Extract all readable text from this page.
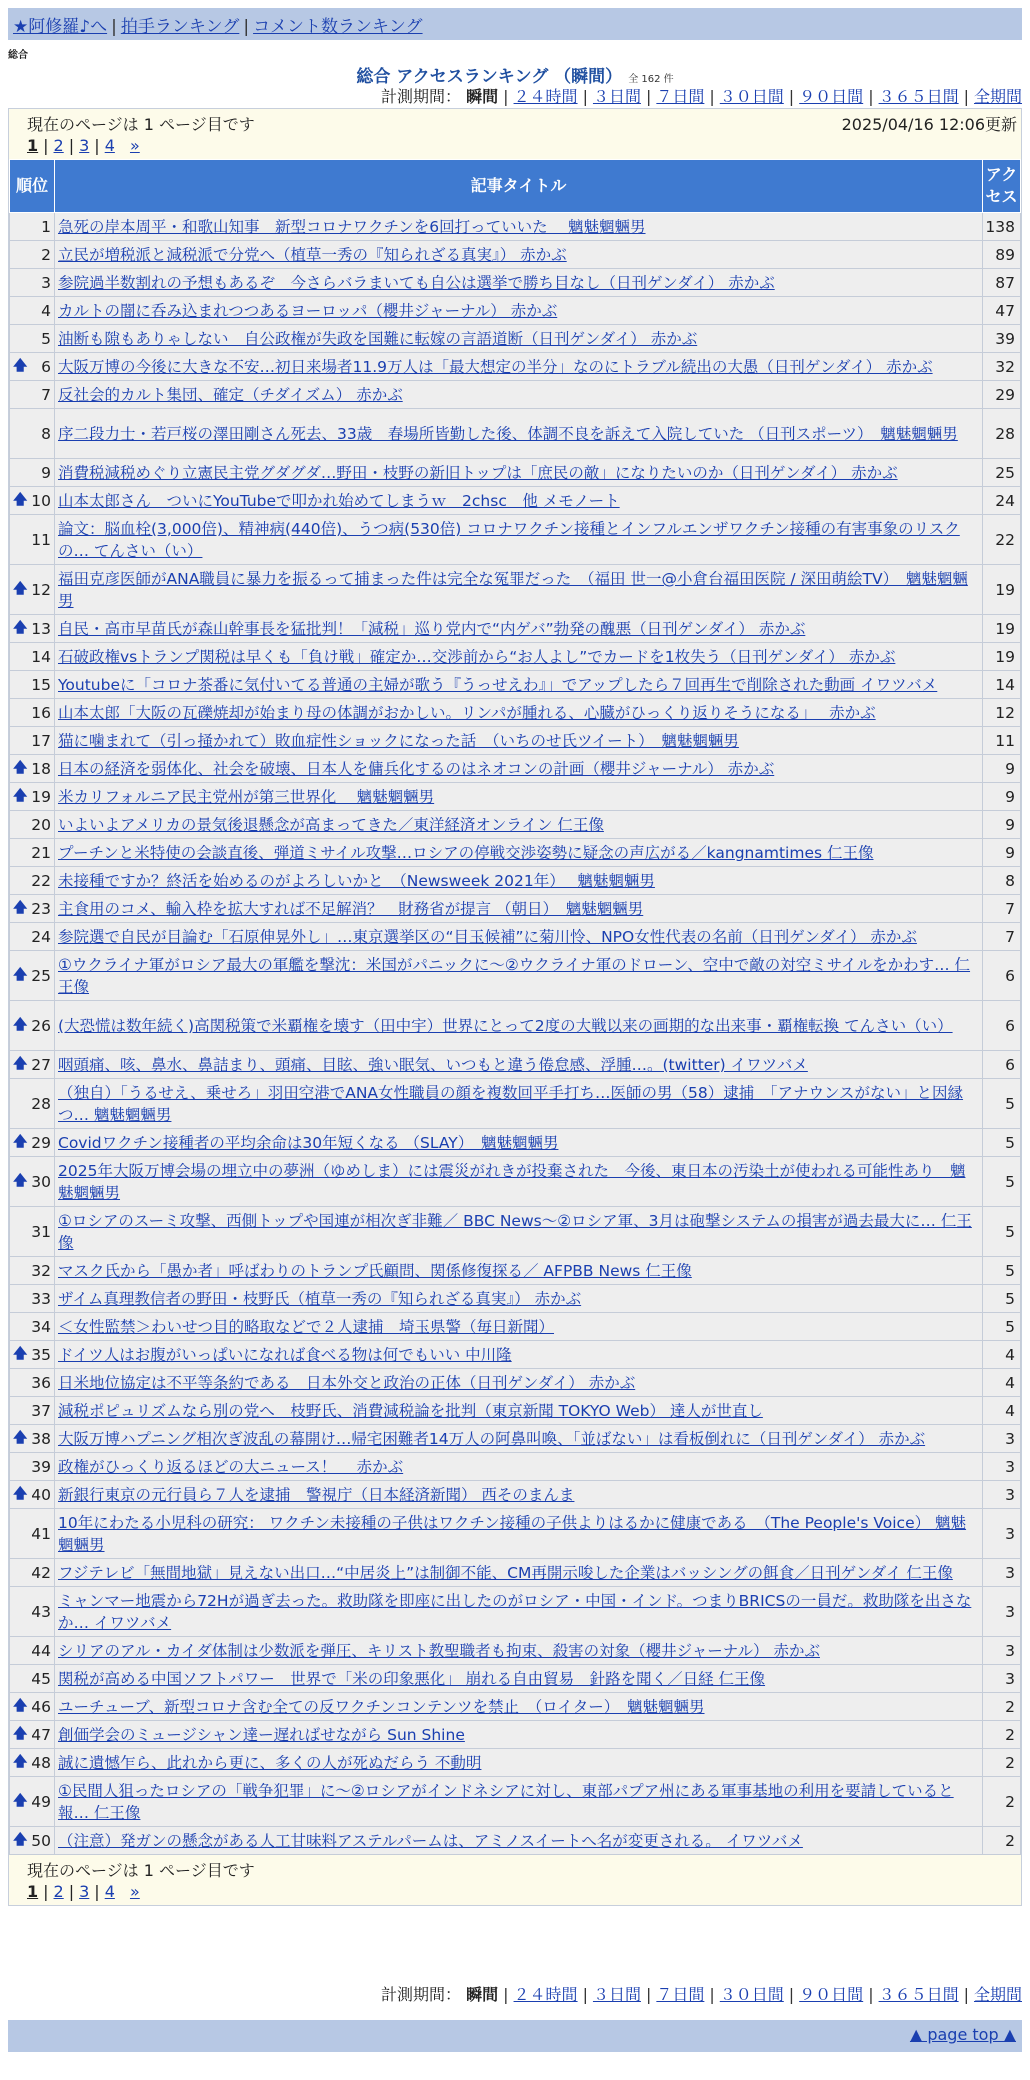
★阿修羅♪へ | 拍手ランキング | コメント数ランキング
総合
総合 アクセスランキング （瞬間） 全 162 件
計測期間： 瞬間 | ２４時間 | ３日間 | ７日間 | ３０日間 | ９０日間 | ３６５日間 | 全期間
現在のページは 1 ページ目です	2025/04/16 12:06更新
1 | 2 | 3 | 4 »
順位	記事タイトル	アクセス
1	急死の岸本周平・和歌山知事　新型コロナワクチンを6回打っていいた　 魑魅魍魎男	138
2	立民が増税派と減税派で分党へ（植草一秀の『知られざる真実』） 赤かぶ	89
3	参院過半数割れの予想もあるぞ　今さらバラまいても自公は選挙で勝ち目なし（日刊ゲンダイ） 赤かぶ	87
4	カルトの闇に呑み込まれつつあるヨーロッパ（櫻井ジャーナル） 赤かぶ	47
5	油断も隙もありゃしない　自公政権が失政を国難に転嫁の言語道断（日刊ゲンダイ） 赤かぶ	39

🡅 6	大阪万博の今後に大きな不安…初日来場者11.9万人は「最大想定の半分」なのにトラブル続出の大愚（日刊ゲンダイ） 赤かぶ	32
7	反社会的カルト集団、確定（チダイズム） 赤かぶ	29
8	序二段力士・若戸桜の澤田剛さん死去、33歳　春場所皆勤した後、体調不良を訴えて入院していた （日刊スポーツ）　魑魅魍魎男	28
9	消費税減税めぐり立憲民主党グダグダ…野田・枝野の新旧トップは「庶民の敵」になりたいのか（日刊ゲンダイ） 赤かぶ	25

🡅 10	山本太郎さん　ついにYouTubeで叩かれ始めてしまうｗ　2chsc　他 メモノート	24
11	論文：脳血栓(3,000倍)、精神病(440倍)、うつ病(530倍) コロナワクチン接種とインフルエンザワクチン接種の有害事象のリスクの… てんさい（い）	22

🡅 12	福田克彦医師がANA職員に暴力を振るって捕まった件は完全な冤罪だった　（福田 世一@小倉台福田医院 / 深田萌絵TV）　魑魅魍魎男	19

🡅 13	自民・高市早苗氏が森山幹事長を猛批判！「減税」巡り党内で“内ゲバ”勃発の醜悪（日刊ゲンダイ） 赤かぶ	19
14	石破政権vsトランプ関税は早くも「負け戦」確定か…交渉前から“お人よし”でカードを1枚失う（日刊ゲンダイ） 赤かぶ	19
15	Youtubeに「コロナ茶番に気付いてる普通の主婦が歌う『うっせえわ』」でアップしたら７回再生で削除された動画 イワツバメ	14
16	山本太郎「大阪の瓦礫焼却が始まり母の体調がおかしい。リンパが腫れる、心臓がひっくり返りそうになる」　 赤かぶ	12
17	猫に噛まれて（引っ掻かれて）敗血症性ショックになった話　（いちのせ氏ツイート）　魑魅魍魎男	11

🡅 18	日本の経済を弱体化、社会を破壊、日本人を傭兵化するのはネオコンの計画（櫻井ジャーナル） 赤かぶ	9

🡅 19	米カリフォルニア民主党州が第三世界化　 魑魅魍魎男	9
20	いよいよアメリカの景気後退懸念が高まってきた／東洋経済オンライン 仁王像	9
21	プーチンと米特使の会談直後、弾道ミサイル攻撃…ロシアの停戦交渉姿勢に疑念の声広がる／kangnamtimes 仁王像	9
22	未接種ですか？終活を始めるのがよろしいかと　（Newsweek 2021年）　 魑魅魍魎男	8

🡅 23	主食用のコメ、輸入枠を拡大すれば不足解消？　財務省が提言 （朝日）　魑魅魍魎男	7
24	参院選で自民が目論む「石原伸晃外し」…東京選挙区の“目玉候補”に菊川怜、NPO女性代表の名前（日刊ゲンダイ） 赤かぶ	7

🡅 25	①ウクライナ軍がロシア最大の軍艦を撃沈：米国がパニックに〜②ウクライナ軍のドローン、空中で敵の対空ミサイルをかわす… 仁王像	6

🡅 26	(大恐慌は数年続く)高関税策で米覇権を壊す（田中宇）世界にとって2度の大戦以来の画期的な出来事・覇権転換 てんさい（い）	6

🡅 27	咽頭痛、咳、鼻水、鼻詰まり、頭痛、目眩、強い眠気、いつもと違う倦怠感、浮腫…。(twitter) イワツバメ	6
28	（独自）「うるせえ、乗せろ」羽田空港でANA女性職員の顔を複数回平手打ち…医師の男（58）逮捕　「アナウンスがない」と因縁つ… 魑魅魍魎男	5

🡅 29	Covidワクチン接種者の平均余命は30年短くなる （SLAY）　魑魅魍魎男	5

🡅 30	2025年大阪万博会場の埋立中の夢洲（ゆめしま）には震災がれきが投棄された　今後、東日本の汚染土が使われる可能性あり　魑魅魍魎男	5
31	①ロシアのスーミ攻撃、西側トップや国連が相次ぎ非難／ BBC News〜②ロシア軍、3月は砲撃システムの損害が過去最大に… 仁王像	5
32	マスク氏から「愚か者」呼ばわりのトランプ氏顧問、関係修復探る／ AFPBB News 仁王像	5
33	ザイム真理教信者の野田・枝野氏（植草一秀の『知られざる真実』） 赤かぶ	5
34	＜女性監禁＞わいせつ目的略取などで２人逮捕　埼玉県警（毎日新聞）	5

🡅 35	ドイツ人はお腹がいっぱいになれば食べる物は何でもいい 中川隆	4
36	日米地位協定は不平等条約である　日本外交と政治の正体（日刊ゲンダイ） 赤かぶ	4
37	減税ポピュリズムなら別の党へ　枝野氏、消費減税論を批判（東京新聞 TOKYO Web） 達人が世直し	4

🡅 38	大阪万博ハプニング相次ぎ波乱の幕開け…帰宅困難者14万人の阿鼻叫喚、「並ばない」は看板倒れに（日刊ゲンダイ） 赤かぶ	3
39	政権がひっくり返るほどの大ニュース！　 赤かぶ	3

🡅 40	新銀行東京の元行員ら７人を逮捕　警視庁（日本経済新聞） 西そのまんま	3
41	10年にわたる小児科の研究： ワクチン未接種の子供はワクチン接種の子供よりはるかに健康である　（The People's Voice） 魑魅魍魎男	3
42	フジテレビ「無間地獄」見えない出口…“中居炎上”は制御不能、CM再開示唆した企業はバッシングの餌食／日刊ゲンダイ 仁王像	3
43	ミャンマー地震から72Hが過ぎ去った。救助隊を即座に出したのがロシア・中国・インド。つまりBRICSの一員だ。救助隊を出さなか… イワツバメ	3
44	シリアのアル・カイダ体制は少数派を弾圧、キリスト教聖職者も拘束、殺害の対象（櫻井ジャーナル） 赤かぶ	3
45	関税が高める中国ソフトパワー　世界で「米の印象悪化」 崩れる自由貿易　針路を聞く／日経 仁王像	3

🡅 46	ユーチューブ、新型コロナ含む全ての反ワクチンコンテンツを禁止　（ロイター）　魑魅魍魎男	2

🡅 47	創価学会のミュージシャン達ー遅ればせながら Sun Shine	2

🡅 48	誠に遺憾乍ら、此れから更に、多くの人が死ぬだらう 不動明	2

🡅 49	①民間人狙ったロシアの「戦争犯罪」に〜②ロシアがインドネシアに対し、東部パプア州にある軍事基地の利用を要請していると報… 仁王像	2

🡅 50	（注意）発ガンの懸念がある人工甘味料アステルパームは、アミノスイートへ名が変更される。 イワツバメ	2
現在のページは 1 ページ目です
1 | 2 | 3 | 4 »
計測期間： 瞬間 | ２４時間 | ３日間 | ７日間 | ３０日間 | ９０日間 | ３６５日間 | 全期間
▲ page top ▲
